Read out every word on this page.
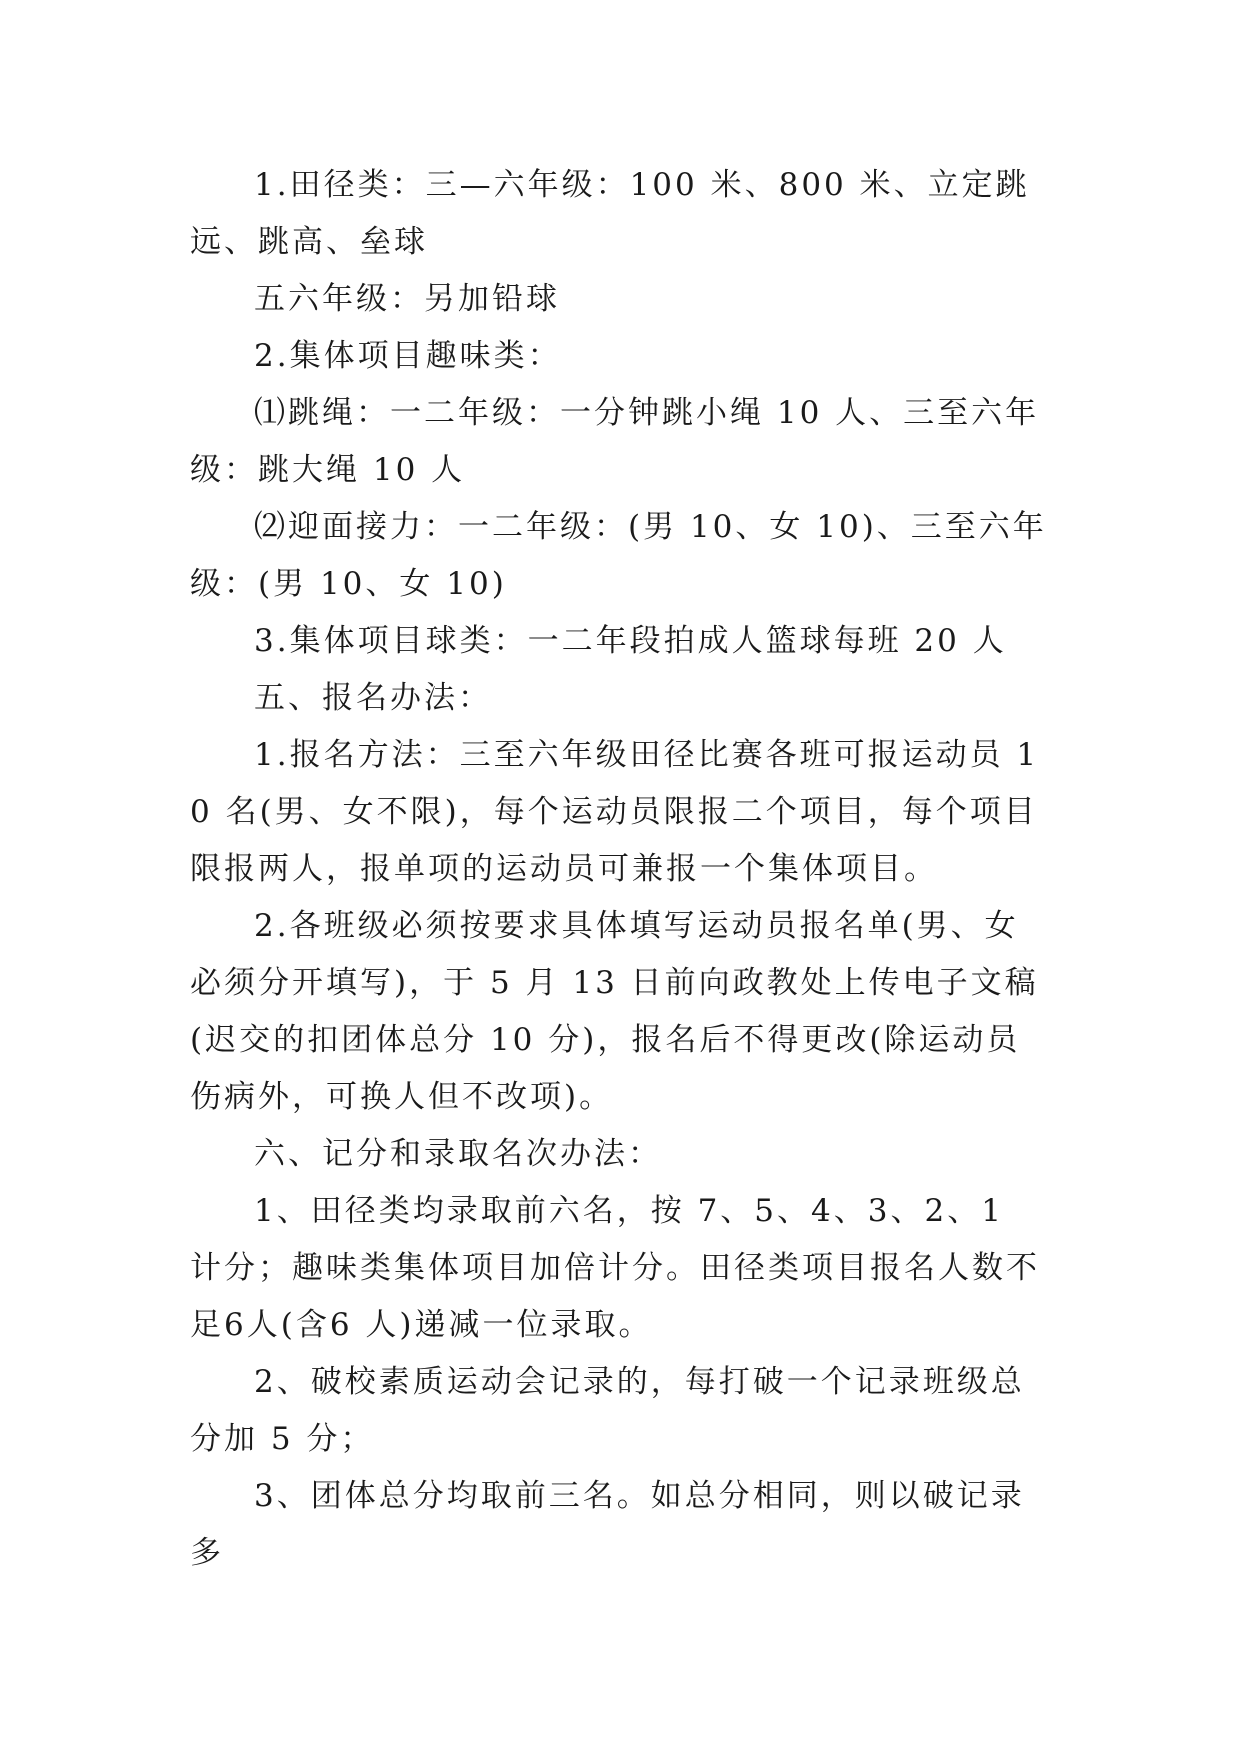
1.田径类：三—六年级：100 米、800 米、立定跳远、跳高、垒球

五六年级：另加铅球

2.集体项目趣味类：

⑴跳绳：一二年级：一分钟跳小绳 10 人、三至六年级：跳大绳 10 人

⑵迎面接力：一二年级：(男 10、女 10)、三至六年级：(男 10、女 10)

3.集体项目球类：一二年段拍成人篮球每班 20 人

五、报名办法：

1.报名方法：三至六年级田径比赛各班可报运动员 10 名(男、女不限)，每个运动员限报二个项目，每个项目限报两人，报单项的运动员可兼报一个集体项目。

2.各班级必须按要求具体填写运动员报名单(男、女必须分开填写)，于 5 月 13 日前向政教处上传电子文稿(迟交的扣团体总分 10 分)，报名后不得更改(除运动员伤病外，可换人但不改项)。

六、记分和录取名次办法：

1、田径类均录取前六名，按 7、5、4、3、2、1 计分；趣味类集体项目加倍计分。田径类项目报名人数不足6人(含6 人)递减一位录取。

2、破校素质运动会记录的，每打破一个记录班级总分加 5 分；

3、团体总分均取前三名。如总分相同，则以破记录多
